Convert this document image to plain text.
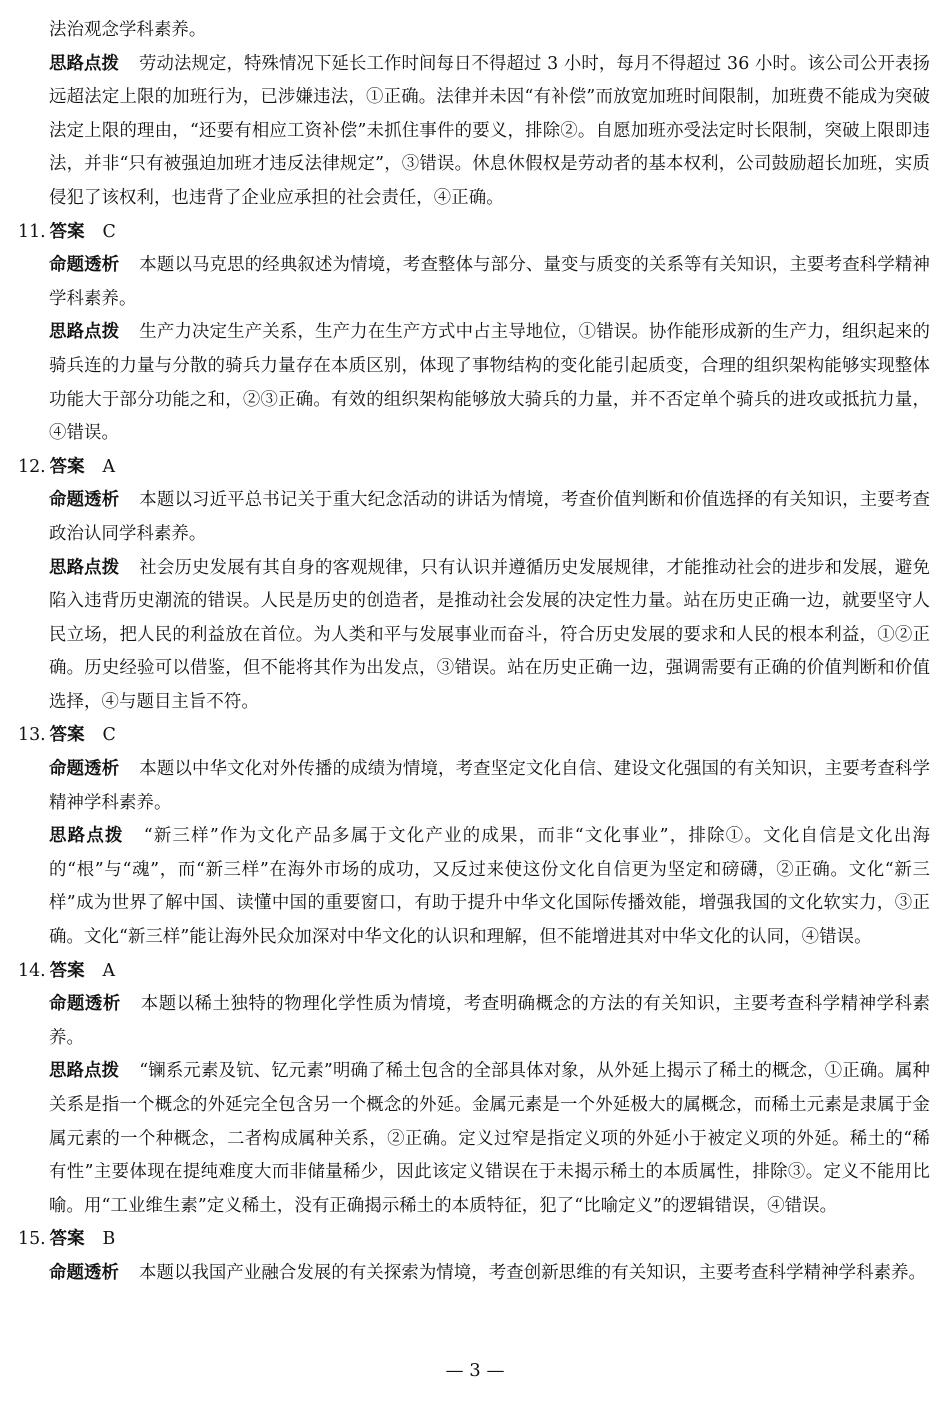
法治观念学科素养。

思路点拨 劳动法规定，特殊情况下延长工作时间每日不得超过 3 小时，每月不得超过 36 小时。该公司公开表扬远超法定上限的加班行为，已涉嫌违法，①正确。法律并未因“有补偿”而放宽加班时间限制，加班费不能成为突破法定上限的理由，“还要有相应工资补偿”未抓住事件的要义，排除②。自愿加班亦受法定时长限制，突破上限即违法，并非“只有被强迫加班才违反法律规定”，③错误。休息休假权是劳动者的基本权利，公司鼓励超长加班，实质侵犯了该权利，也违背了企业应承担的社会责任，④正确。

11. 答案 C

命题透析 本题以马克思的经典叙述为情境，考查整体与部分、量变与质变的关系等有关知识，主要考查科学精神学科素养。

思路点拨 生产力决定生产关系，生产力在生产方式中占主导地位，①错误。协作能形成新的生产力，组织起来的骑兵连的力量与分散的骑兵力量存在本质区别，体现了事物结构的变化能引起质变，合理的组织架构能够实现整体功能大于部分功能之和，②③正确。有效的组织架构能够放大骑兵的力量，并不否定单个骑兵的进攻或抵抗力量，④错误。

12. 答案 A

命题透析 本题以习近平总书记关于重大纪念活动的讲话为情境，考查价值判断和价值选择的有关知识，主要考查政治认同学科素养。

思路点拨 社会历史发展有其自身的客观规律，只有认识并遵循历史发展规律，才能推动社会的进步和发展，避免陷入违背历史潮流的错误。人民是历史的创造者，是推动社会发展的决定性力量。站在历史正确一边，就要坚守人民立场，把人民的利益放在首位。为人类和平与发展事业而奋斗，符合历史发展的要求和人民的根本利益，①②正确。历史经验可以借鉴，但不能将其作为出发点，③错误。站在历史正确一边，强调需要有正确的价值判断和价值选择，④与题目主旨不符。

13. 答案 C

命题透析 本题以中华文化对外传播的成绩为情境，考查坚定文化自信、建设文化强国的有关知识，主要考查科学精神学科素养。

思路点拨 “新三样”作为文化产品多属于文化产业的成果，而非“文化事业”，排除①。文化自信是文化出海的“根”与“魂”，而“新三样”在海外市场的成功，又反过来使这份文化自信更为坚定和磅礴，②正确。文化“新三样”成为世界了解中国、读懂中国的重要窗口，有助于提升中华文化国际传播效能，增强我国的文化软实力，③正确。文化“新三样”能让海外民众加深对中华文化的认识和理解，但不能增进其对中华文化的认同，④错误。

14. 答案 A

命题透析 本题以稀土独特的物理化学性质为情境，考查明确概念的方法的有关知识，主要考查科学精神学科素养。

思路点拨 “镧系元素及钪、钇元素”明确了稀土包含的全部具体对象，从外延上揭示了稀土的概念，①正确。属种关系是指一个概念的外延完全包含另一个概念的外延。金属元素是一个外延极大的属概念，而稀土元素是隶属于金属元素的一个种概念，二者构成属种关系，②正确。定义过窄是指定义项的外延小于被定义项的外延。稀土的“稀有性”主要体现在提纯难度大而非储量稀少，因此该定义错误在于未揭示稀土的本质属性，排除③。定义不能用比喻。用“工业维生素”定义稀土，没有正确揭示稀土的本质特征，犯了“比喻定义”的逻辑错误，④错误。

15. 答案 B

命题透析 本题以我国产业融合发展的有关探索为情境，考查创新思维的有关知识，主要考查科学精神学科素养。

— 3 —
